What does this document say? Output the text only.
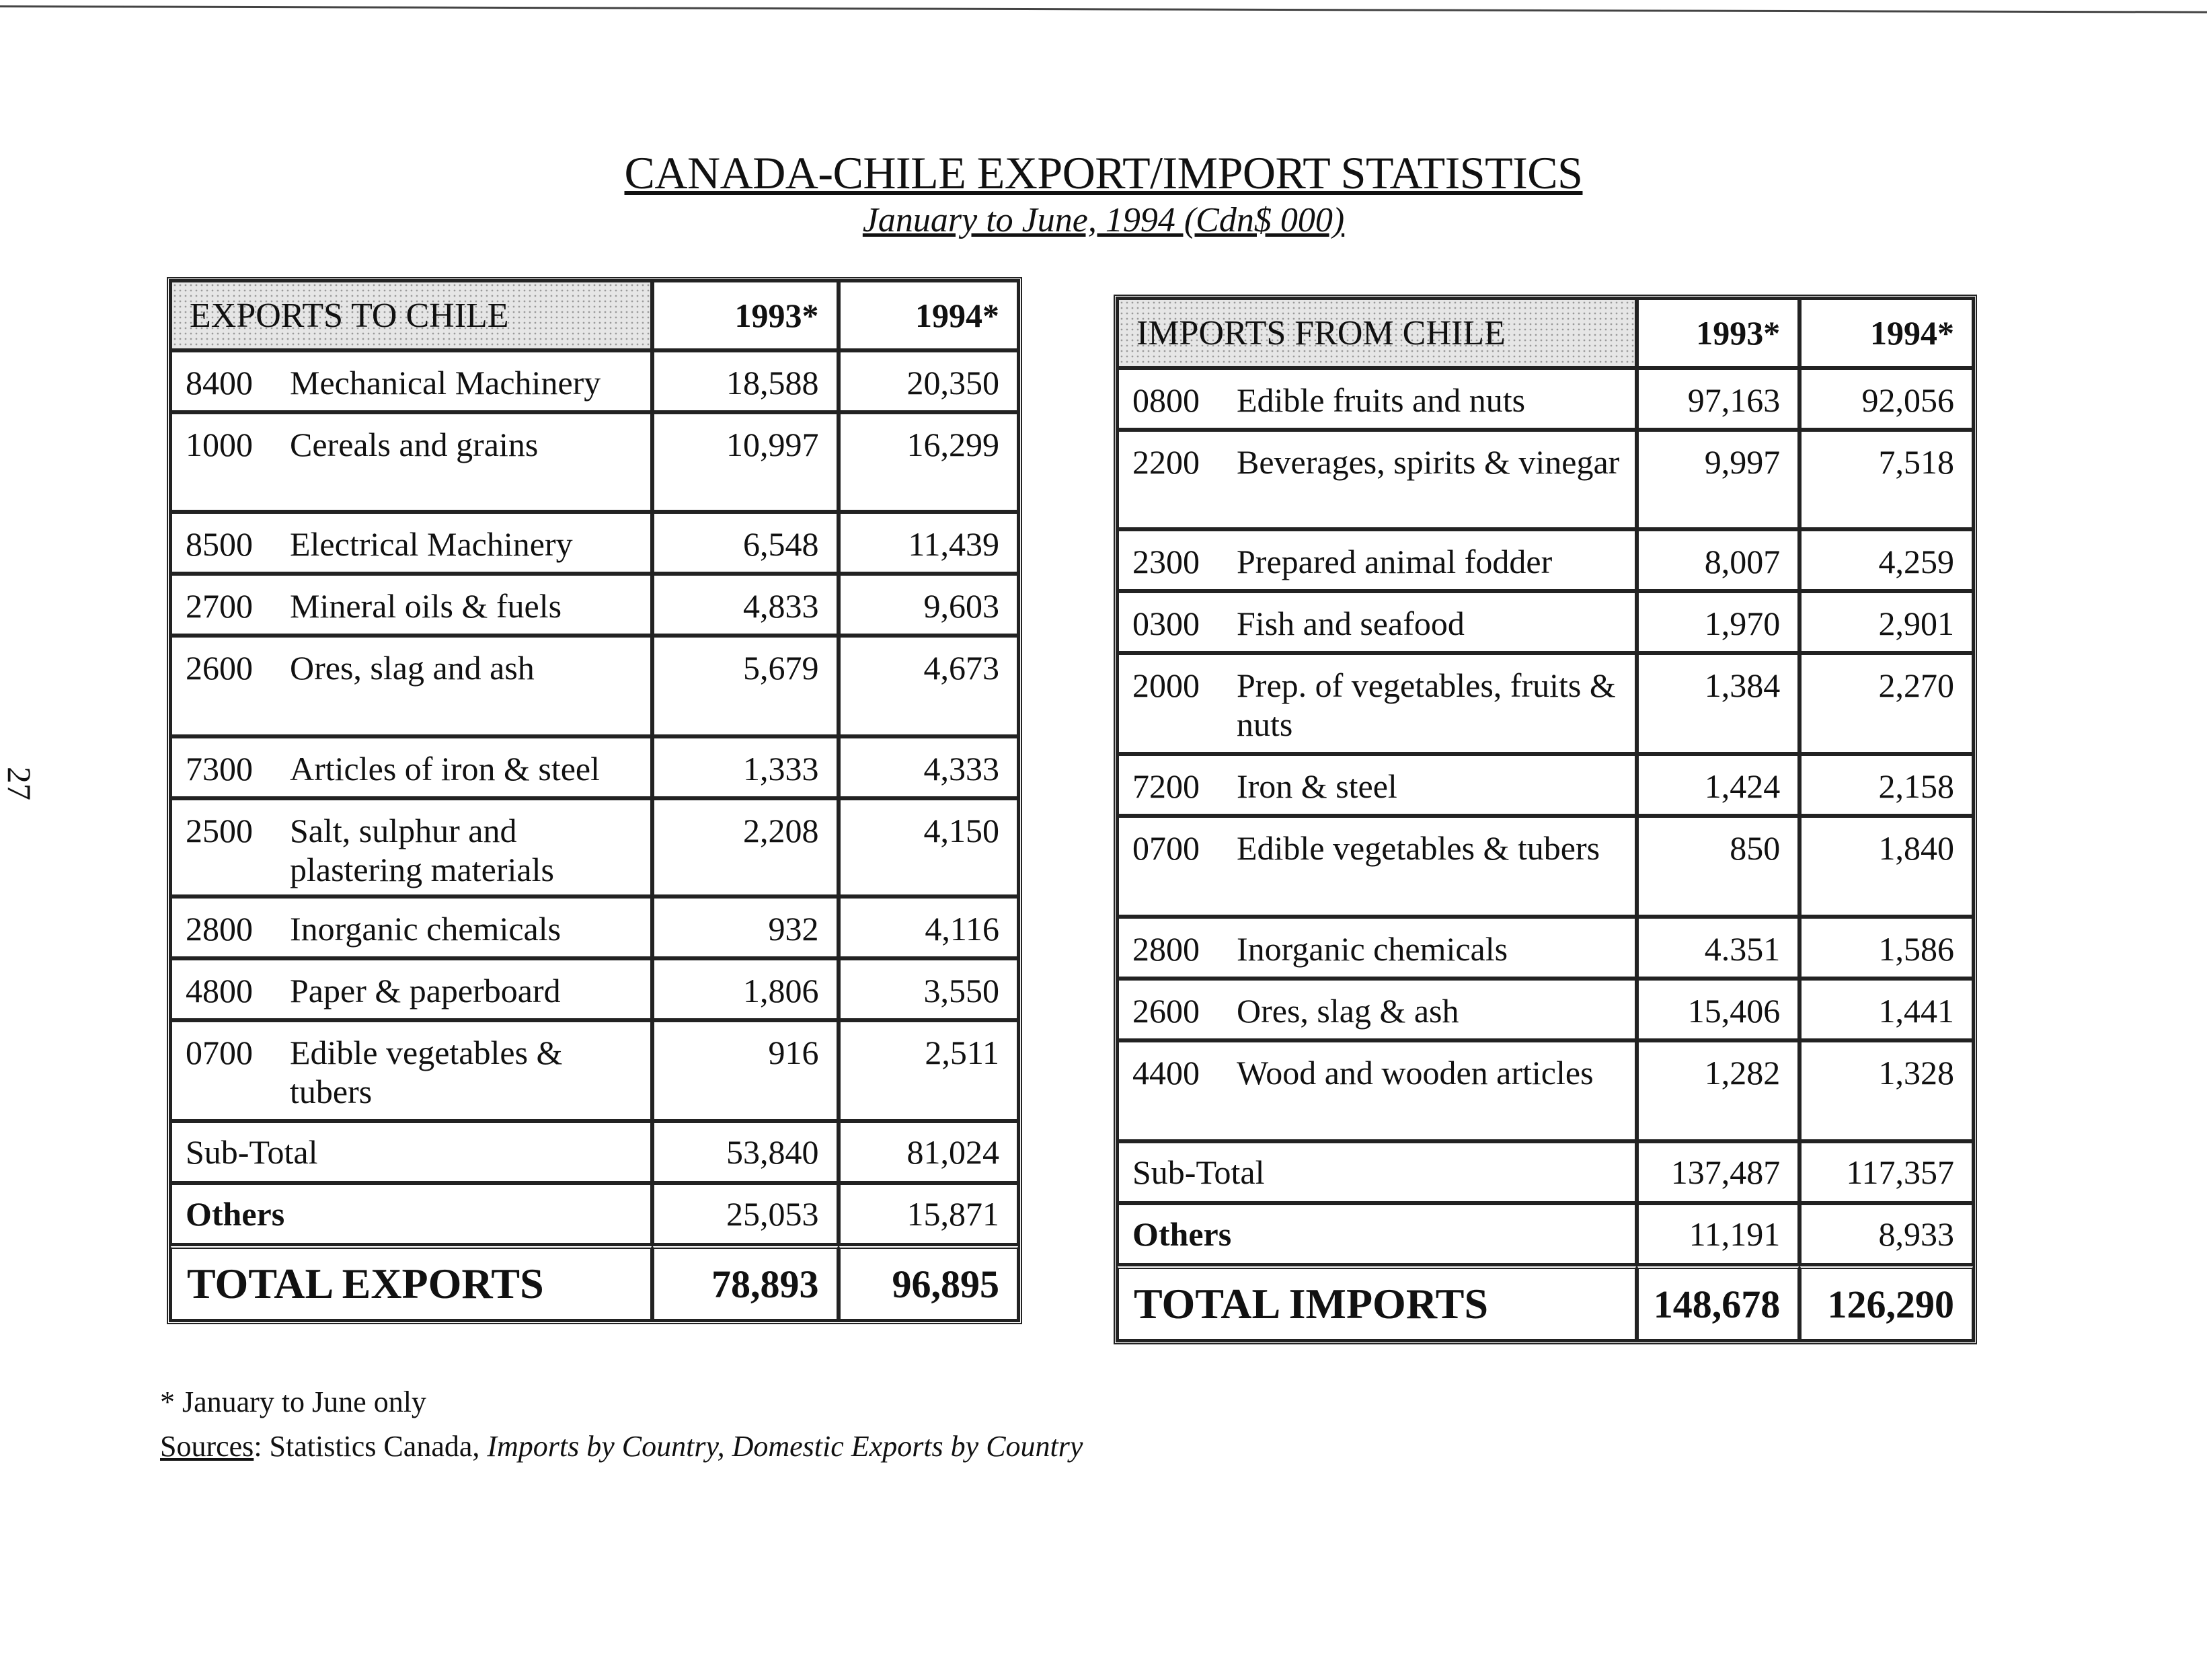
27
CANADA-CHILE EXPORT/IMPORT STATISTICS
January to June, 1994 (Cdn$ 000)
EXPORTS TO CHILE	1993*	1994*

8400 Mechanical Machinery	18,588	20,350

1000 Cereals and grains	10,997	16,299

8500 Electrical Machinery	6,548	11,439

2700 Mineral oils & fuels	4,833	9,603

2600 Ores, slag and ash	5,679	4,673

7300 Articles of iron & steel	1,333	4,333

2500 Salt, sulphur and plastering materials	2,208	4,150

2800 Inorganic chemicals	932	4,116

4800 Paper & paperboard	1,806	3,550

0700 Edible vegetables & tubers	916	2,511
Sub-Total	53,840	81,024
Others	25,053	15,871
TOTAL EXPORTS	78,893	96,895
IMPORTS FROM CHILE	1993*	1994*

0800 Edible fruits and nuts	97,163	92,056

2200 Beverages, spirits & vinegar	9,997	7,518

2300 Prepared animal fodder	8,007	4,259

0300 Fish and seafood	1,970	2,901

2000 Prep. of vegetables, fruits & nuts	1,384	2,270

7200 Iron & steel	1,424	2,158

0700 Edible vegetables & tubers	850	1,840

2800 Inorganic chemicals	4.351	1,586

2600 Ores, slag & ash	15,406	1,441

4400 Wood and wooden articles	1,282	1,328
Sub-Total	137,487	117,357
Others	11,191	8,933
TOTAL IMPORTS	148,678	126,290
* January to June only
Sources: Statistics Canada, Imports by Country, Domestic Exports by Country
